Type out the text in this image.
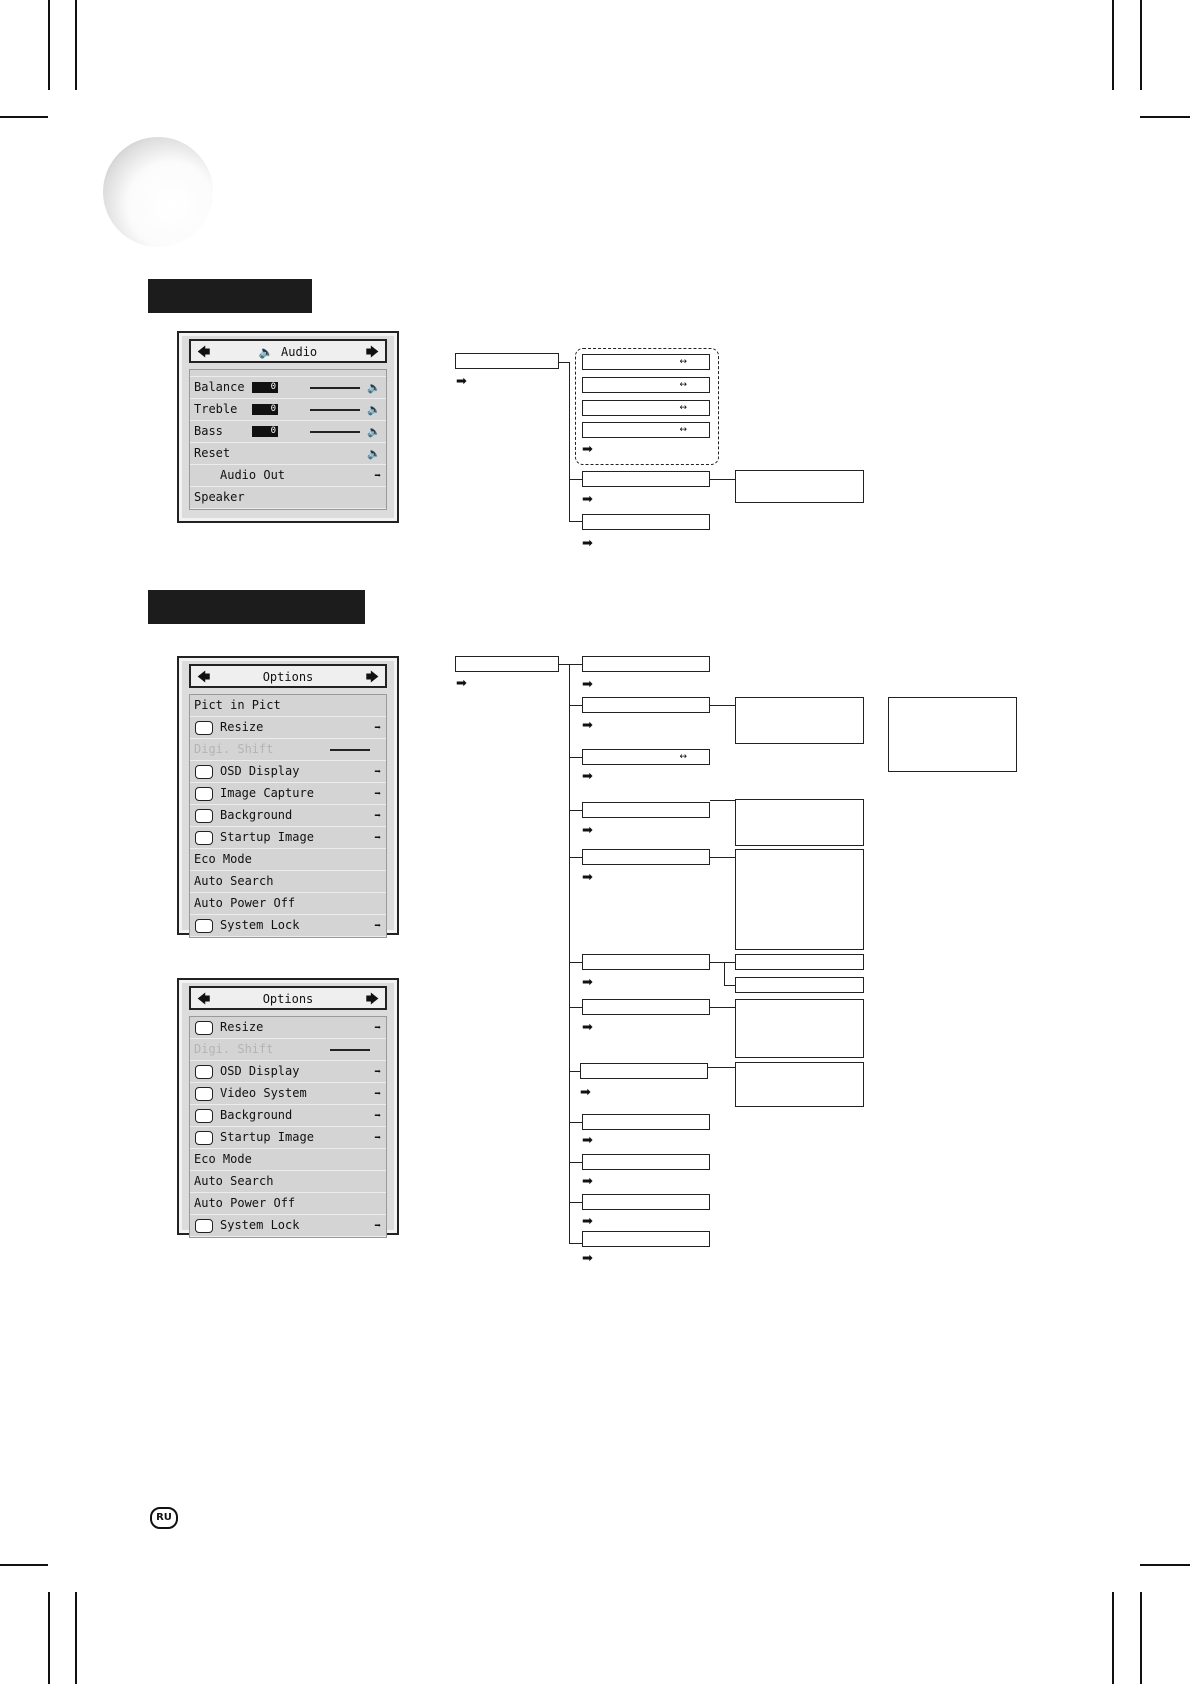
🡄	🔈 Audio	🡆
Balance	0	🔈
Treble	0	🔈
Bass	0	🔈
Reset	🔈
Audio Out	➡
Speaker
🡄	Options	🡆
Pict in Pict
Resize	➡
Digi. Shift
OSD Display	➡
Image Capture	➡
Background	➡
Startup Image	➡
Eco Mode
Auto Search
Auto Power Off
System Lock	➡
🡄	Options	🡆
Resize	➡
Digi. Shift
OSD Display	➡
Video System	➡
Background	➡
Startup Image	➡
Eco Mode
Auto Search
Auto Power Off
System Lock	➡
➡
↔
↔
↔
↔
➡
➡
➡
➡	➡
➡
↔
➡
➡
➡
➡
➡
➡
➡
➡
➡
➡
RU
